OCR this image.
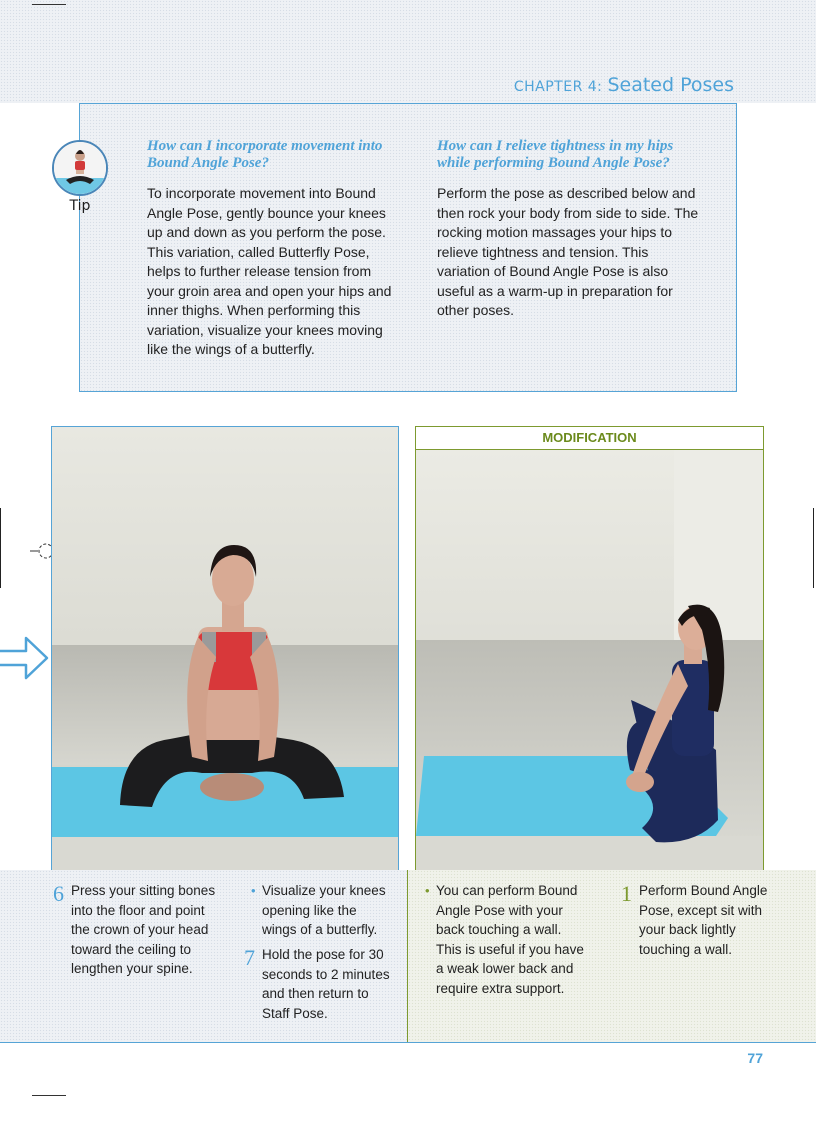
CHAPTER 4: Seated Poses
Tip

How can I incorporate movement into Bound Angle Pose?

To incorporate movement into Bound Angle Pose, gently bounce your knees up and down as you perform the pose. This variation, called Butterfly Pose, helps to further release tension from your groin area and open your hips and inner thighs. When performing this variation, visualize your knees moving like the wings of a butterfly.

How can I relieve tightness in my hips while performing Bound Angle Pose?

Perform the pose as described below and then rock your body from side to side. The rocking motion massages your hips to relieve tightness and tension. This variation of Bound Angle Pose is also useful as a warm-up in preparation for other poses.

MODIFICATION
6 Press your sitting bones into the floor and point the crown of your head toward the ceiling to lengthen your spine.
• Visualize your knees opening like the wings of a butterfly.
7 Hold the pose for 30 seconds to 2 minutes and then return to Staff Pose.
• You can perform Bound Angle Pose with your back touching a wall. This is useful if you have a weak lower back and require extra support.
1 Perform Bound Angle Pose, except sit with your back lightly touching a wall.
77
